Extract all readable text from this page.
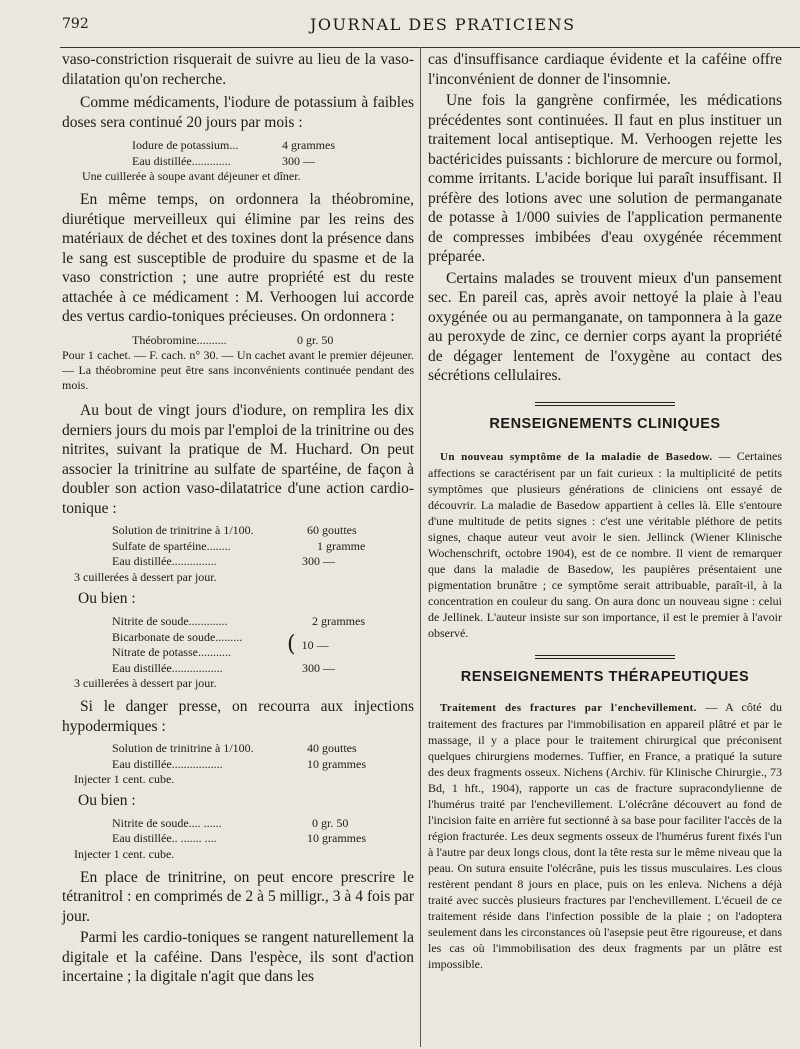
792	JOURNAL DES PRATICIENS

vaso-constriction risquerait de suivre au lieu de la vaso-dilatation qu'on recherche.

Comme médicaments, l'iodure de potassium à faibles doses sera continué 20 jours par mois :

Iodure de potassium...	4 grammes
Eau distillée.............	300 —

Une cuillerée à soupe avant déjeuner et dîner.

En même temps, on ordonnera la théobromine, diurétique merveilleux qui élimine par les reins des matériaux de déchet et des toxines dont la présence dans le sang est susceptible de produire du spasme et de la vaso constriction ; une autre propriété est du reste attachée à ce médicament : M. Verhoogen lui accorde des vertus cardio-toniques précieuses. On ordonnera :

Théobromine..........	0 gr. 50

Pour 1 cachet. — F. cach. n° 30. — Un cachet avant le premier déjeuner. — La théobromine peut être sans inconvénients continuée pendant des mois.

Au bout de vingt jours d'iodure, on remplira les dix derniers jours du mois par l'emploi de la trinitrine ou des nitrites, suivant la pratique de M. Huchard. On peut associer la trinitrine au sulfate de spartéine, de façon à doubler son action vaso-dilatatrice d'une action cardio-tonique :

Solution de trinitrine à 1/100.	60 gouttes
Sulfate de spartéine........	1 gramme
Eau distillée...............	300 —

3 cuillerées à dessert par jour.

Ou bien :

Nitrite de soude.............	2 grammes
Bicarbonate de soude.........
Nitrate de potasse...........	( 10 —
Eau distillée.................	300 —

3 cuillerées à dessert par jour.

Si le danger presse, on recourra aux injections hypodermiques :

Solution de trinitrine à 1/100.	40 gouttes
Eau distillée.................	10 grammes

Injecter 1 cent. cube.

Ou bien :

Nitrite de soude.... ......	0 gr. 50
Eau distillée.. ....... ....	10 grammes

Injecter 1 cent. cube.

En place de trinitrine, on peut encore prescrire le tétranitrol : en comprimés de 2 à 5 milligr., 3 à 4 fois par jour.

Parmi les cardio-toniques se rangent naturellement la digitale et la caféine. Dans l'espèce, ils sont d'action incertaine ; la digitale n'agit que dans les

cas d'insuffisance cardiaque évidente et la caféine offre l'inconvénient de donner de l'insomnie.

Une fois la gangrène confirmée, les médications précédentes sont continuées. Il faut en plus instituer un traitement local antiseptique. M. Verhoogen rejette les bactéricides puissants : bichlorure de mercure ou formol, comme irritants. L'acide borique lui paraît insuffisant. Il préfère des lotions avec une solution de permanganate de potasse à 1/000 suivies de l'application permanente de compresses imbibées d'eau oxygénée récemment préparée.

Certains malades se trouvent mieux d'un pansement sec. En pareil cas, après avoir nettoyé la plaie à l'eau oxygénée ou au permanganate, on tamponnera à la gaze au peroxyde de zinc, ce dernier corps ayant la propriété de dégager lentement de l'oxygène au contact des sécrétions cellulaires.

RENSEIGNEMENTS CLINIQUES

Un nouveau symptôme de la maladie de Basedow. — Certaines affections se caractérisent par un fait curieux : la multiplicité de petits symptômes que plusieurs générations de cliniciens ont essayé de découvrir. La maladie de Basedow appartient à celles là. Elle s'entoure d'une multitude de petits signes : c'est une véritable pléthore de petits signes, chaque auteur veut avoir le sien. Jellinck (Wiener Klinische Wochenschrift, octobre 1904), est de ce nombre. Il vient de remarquer que dans la maladie de Basedow, les paupières présentaient une pigmentation brunâtre ; ce symptôme serait attribuable, paraît-il, à la concentration en couleur du sang. On aura donc un nouveau signe : celui de Jellinek. L'auteur insiste sur son importance, il est le premier à l'avoir observé.

RENSEIGNEMENTS THÉRAPEUTIQUES

Traitement des fractures par l'enchevillement. — A côté du traitement des fractures par l'immobilisation en appareil plâtré et par le massage, il y a place pour le traitement chirurgical que préconisent quelques chirurgiens modernes. Tuffier, en France, a pratiqué la suture des deux fragments osseux. Nichens (Archiv. für Klinische Chirurgie., 73 Bd, 1 hft., 1904), rapporte un cas de fracture supracondylienne de l'humérus traité par l'enchevillement. L'olécrâne découvert au fond de l'incision faite en arrière fut sectionné à sa base pour faciliter l'accès de la région fracturée. Les deux segments osseux de l'humérus furent fixés l'un à l'autre par deux longs clous, dont la tête resta sur le même niveau que la peau. On sutura ensuite l'olécrâne, puis les tissus musculaires. Les clous restèrent pendant 8 jours en place, puis on les enleva. Nichens a déjà traité avec succès plusieurs fractures par l'enchevillement. L'écueil de ce traitement réside dans l'infection possible de la plaie ; on l'adoptera seulement dans les circonstances où l'asepsie peut être rigoureuse, et dans les cas où l'immobilisation des deux fragments par un plâtre est impossible.
